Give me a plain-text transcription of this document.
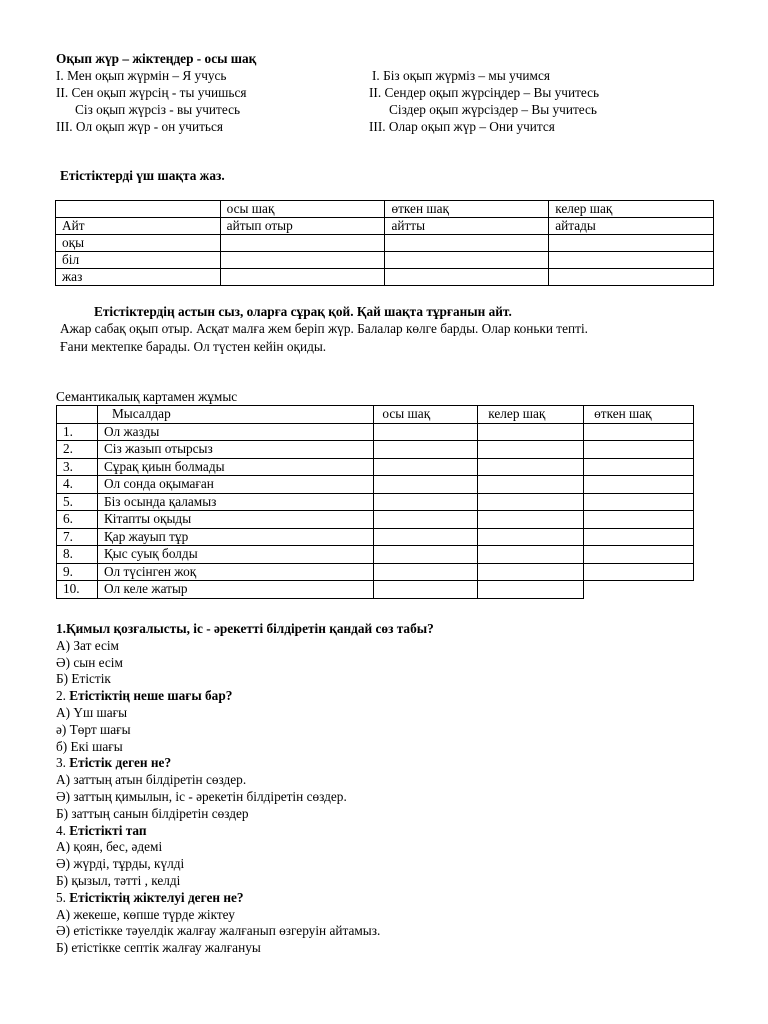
Оқып жүр – жіктеңдер - осы шақ
I. Мен оқып жүрмін – Я учусь
II. Сен оқып жүрсің - ты учишься
Сіз оқып жүрсіз - вы учитесь
III. Ол оқып жүр - он учиться
I. Біз оқып жүрміз – мы учимся
II. Сендер оқып жүрсіңдер – Вы учитесь
Сіздер оқып жүрсіздер – Вы учитесь
III. Олар оқып жүр – Они учится
Етістіктерді үш шақта жаз.
	осы шақ	өткен шақ	келер шақ
Айт	айтып отыр	айтты	айтады
оқы			
біл			
жаз			
Етістіктердің астын сыз, оларға сұрақ қой. Қай шақта тұрғанын айт.
Ажар сабақ оқып отыр. Асқат малға жем беріп жүр. Балалар көлге барды. Олар коньки тепті.
Ғани мектепке барады. Ол түстен кейін оқиды.
Семантикалық картамен жұмыс
	Мысалдар	осы шақ	келер шақ	өткен шақ
1.	Ол жазды			
2.	Сіз жазып отырсыз			
3.	Сұрақ қиын болмады			
4.	Ол сонда оқымаған			
5.	Біз осында қаламыз			
6.	Кітапты оқыды			
7.	Қар жауып тұр			
8.	Қыс суық болды			
9.	Ол түсінген жоқ			
10.	Ол келе жатыр			
1.Қимыл қозғалысты, іс - әрекетті білдіретін қандай сөз табы?
А) Зат есім
Ә) сын есім
Б) Етістік
2. Етістіктің неше шағы бар?
А) Үш шағы
ә) Төрт шағы
б) Екі шағы
3. Етістік деген не?
А) заттың атын білдіретін сөздер.
Ә) заттың қимылын, іс - әрекетін білдіретін сөздер.
Б) заттың санын білдіретін сөздер
4. Етістікті тап
А) қоян, бес, әдемі
Ә) жүрді, тұрды, күлді
Б) қызыл, тәтті , келді
5. Етістіктің жіктелуі деген не?
А) жекеше, көпше түрде жіктеу
Ә) етістікке тәуелдік жалғау жалғанып өзгеруін айтамыз.
Б) етістікке септік жалғау жалғануы
